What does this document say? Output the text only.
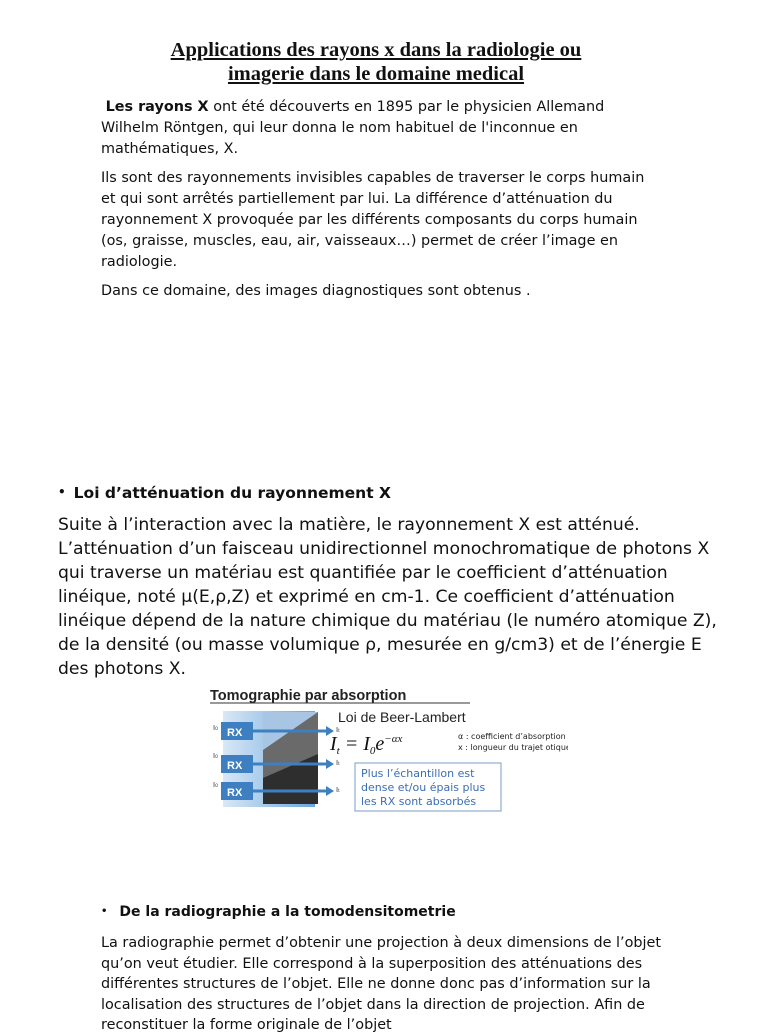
Applications des rayons x dans la radiologie ou
imagerie dans le domaine medical

Les rayons X ont été découverts en 1895 par le physicien Allemand Wilhelm Röntgen, qui leur donna le nom habituel de l'inconnue en mathématiques, X.

Ils sont des rayonnements invisibles capables de traverser le corps humain et qui sont arrêtés partiellement par lui. La différence d’atténuation du rayonnement X provoquée par les différents composants du corps humain (os, graisse, muscles, eau, air, vaisseaux…) permet de créer l’image en radiologie.

Dans ce domaine, des images diagnostiques sont obtenus .

• Loi d’atténuation du rayonnement X
Suite à l’interaction avec la matière, le rayonnement X est atténué. L’atténuation d’un faisceau unidirectionnel monochromatique de photons X qui traverse un matériau est quantifiée par le coefficient d’atténuation linéique, noté μ(E,ρ,Z) et exprimé en cm-1. Ce coefficient d’atténuation linéique dépend de la nature chimique du matériau (le numéro atomique Z), de la densité (ou masse volumique ρ, mesurée en g/cm3) et de l’énergie E des photons X.
Tomographie par absorption
I₀ RX	Iₜ
I₀
RX	Iₜ
I₀
RX	Iₜ
Loi de Beer-Lambert
$I_t = I_0e^{-\alpha x}$	α : coefficient d’absorption
x : longueur du trajet otique
Plus l’échantillon est
dense et/ou épais plus
les RX sont absorbés
• De la radiographie a la tomodensitometrie
La radiographie permet d’obtenir une projection à deux dimensions de l’objet qu’on veut étudier. Elle correspond à la superposition des atténuations des différentes structures de l’objet. Elle ne donne donc pas d’information sur la localisation des structures de l’objet dans la direction de projection. Afin de reconstituer la forme originale de l’objet
